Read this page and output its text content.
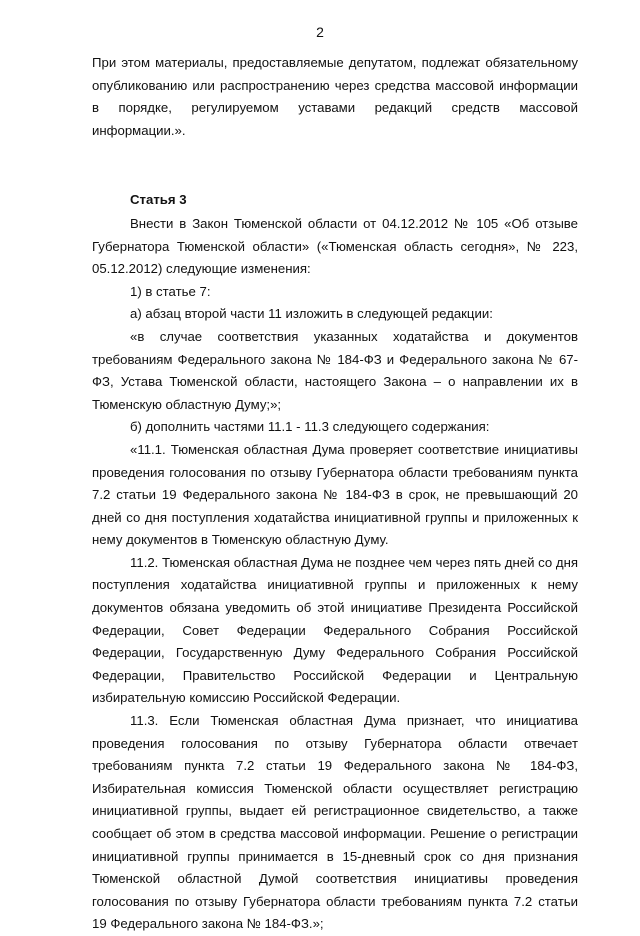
2

При этом материалы, предоставляемые депутатом, подлежат обязательному опубликованию или распространению через средства массовой информации в порядке, регулируемом уставами редакций средств массовой информации.».

Статья 3

Внести в Закон Тюменской области от 04.12.2012 № 105 «Об отзыве Губернатора Тюменской области» («Тюменская область сегодня», № 223, 05.12.2012) следующие изменения:

1) в статье 7:

а) абзац второй части 11 изложить в следующей редакции:

«в случае соответствия указанных ходатайства и документов требованиям Федерального закона № 184-ФЗ и Федерального закона № 67-ФЗ, Устава Тюменской области, настоящего Закона – о направлении их в Тюменскую областную Думу;»;

б) дополнить частями 11.1 - 11.3 следующего содержания:

«11.1. Тюменская областная Дума проверяет соответствие инициативы проведения голосования по отзыву Губернатора области требованиям пункта 7.2 статьи 19 Федерального закона № 184-ФЗ в срок, не превышающий 20 дней со дня поступления ходатайства инициативной группы и приложенных к нему документов в Тюменскую областную Думу.

11.2. Тюменская областная Дума не позднее чем через пять дней со дня поступления ходатайства инициативной группы и приложенных к нему документов обязана уведомить об этой инициативе Президента Российской Федерации, Совет Федерации Федерального Собрания Российской Федерации, Государственную Думу Федерального Собрания Российской Федерации, Правительство Российской Федерации и Центральную избирательную комиссию Российской Федерации.

11.3. Если Тюменская областная Дума признает, что инициатива проведения голосования по отзыву Губернатора области отвечает требованиям пункта 7.2 статьи 19 Федерального закона № 184-ФЗ, Избирательная комиссия Тюменской области осуществляет регистрацию инициативной группы, выдает ей регистрационное свидетельство, а также сообщает об этом в средства массовой информации. Решение о регистрации инициативной группы принимается в 15-дневный срок со дня признания Тюменской областной Думой соответствия инициативы проведения голосования по отзыву Губернатора области требованиям пункта 7.2 статьи 19 Федерального закона № 184-ФЗ.»;
